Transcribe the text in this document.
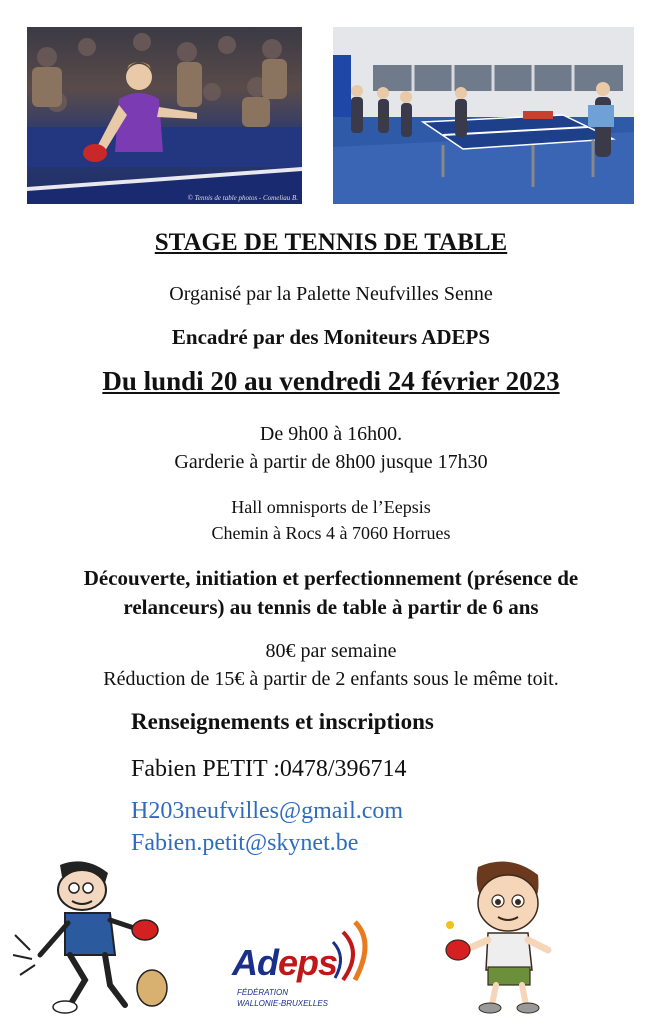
© Tennis de table photos - Comeliau B.
STAGE DE TENNIS DE TABLE
Organisé par la Palette Neufvilles Senne
Encadré par des Moniteurs ADEPS
Du lundi 20 au vendredi 24 février 2023
De 9h00 à 16h00.
Garderie à partir de 8h00 jusque 17h30
Hall omnisports de l’Eepsis
Chemin à Rocs 4 à 7060 Horrues
Découverte, initiation et perfectionnement (présence de
relanceurs) au tennis de table à partir de 6 ans
80€ par semaine
Réduction de 15€ à partir de 2 enfants sous le même toit.
Renseignements et inscriptions
Fabien PETIT :0478/396714
H203neufvilles@gmail.com
Fabien.petit@skynet.be
Adeps
FÉDÉRATION
WALLONIE-BRUXELLES
